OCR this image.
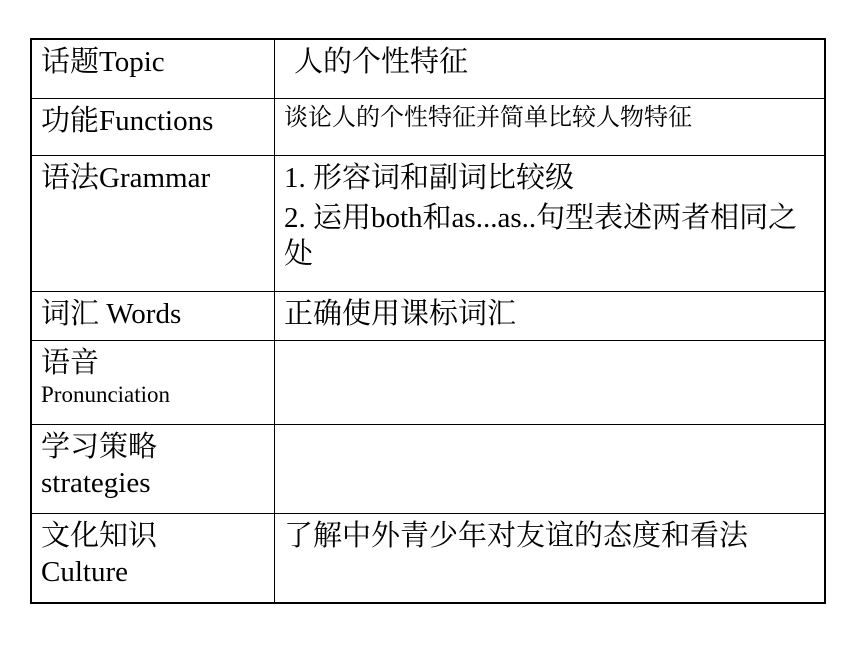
话题Topic	人的个性特征

功能Functions	谈论人的个性特征并简单比较人物特征

语法Grammar	1. 形容词和副词比较级
2. 运用both和as...as..句型表述两者相同之处

词汇 Words	正确使用课标词汇

语音
Pronunciation	

学习策略
strategies	

文化知识
Culture	了解中外青少年对友谊的态度和看法
